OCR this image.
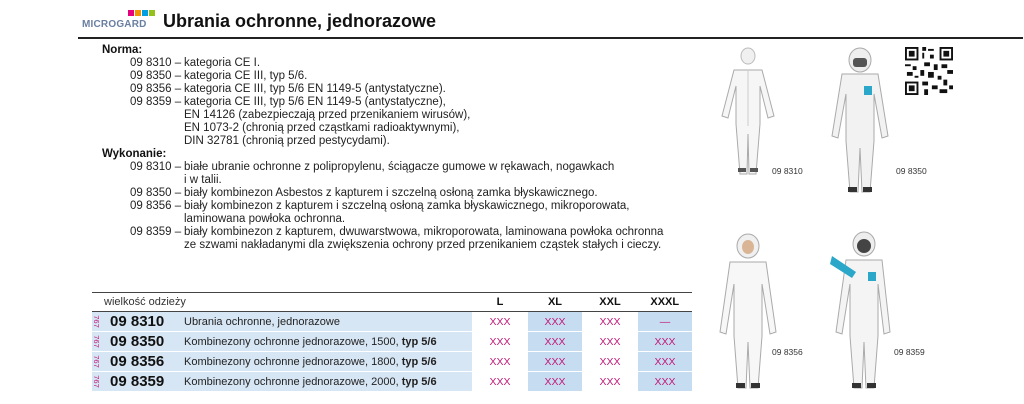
MICROGARD Ubrania ochronne, jednorazowe
Norma:
09 8310 – kategoria CE I.
09 8350 – kategoria CE III, typ 5/6.
09 8356 – kategoria CE III, typ 5/6 EN 1149-5 (antystatyczne).
09 8359 – kategoria CE III, typ 5/6 EN 1149-5 (antystatyczne),
EN 14126 (zabezpieczają przed przenikaniem wirusów),
EN 1073-2 (chronią przed cząstkami radioaktywnymi),
DIN 32781 (chronią przed pestycydami).
Wykonanie:
09 8310 – białe ubranie ochronne z polipropylenu, ściągacze gumowe w rękawach, nogawkach
i w talii.
09 8350 – biały kombinezon Asbestos z kapturem i szczelną osłoną zamka błyskawicznego.
09 8356 – biały kombinezon z kapturem i szczelną osłoną zamka błyskawicznego, mikroporowata,
laminowana powłoka ochronna.
09 8359 – biały kombinezon z kapturem, dwuwarstwowa, mikroporowata, laminowana powłoka ochronna
ze szwami nakładanymi dla zwiększenia ochrony przed przenikaniem cząstek stałych i cieczy.
wielkość odzieży			L	XL	XXL	XXXL

767	09 8310	Ubrania ochronne, jednorazowe	XXX	XXX	XXX	—

767	09 8350	Kombinezony ochronne jednorazowe, 1500, typ 5/6	XXX	XXX	XXX	XXX

767	09 8356	Kombinezony ochronne jednorazowe, 1800, typ 5/6	XXX	XXX	XXX	XXX

767	09 8359	Kombinezony ochronne jednorazowe, 2000, typ 5/6	XXX	XXX	XXX	XXX
09 8310	09 8350
09 8356	09 8359
